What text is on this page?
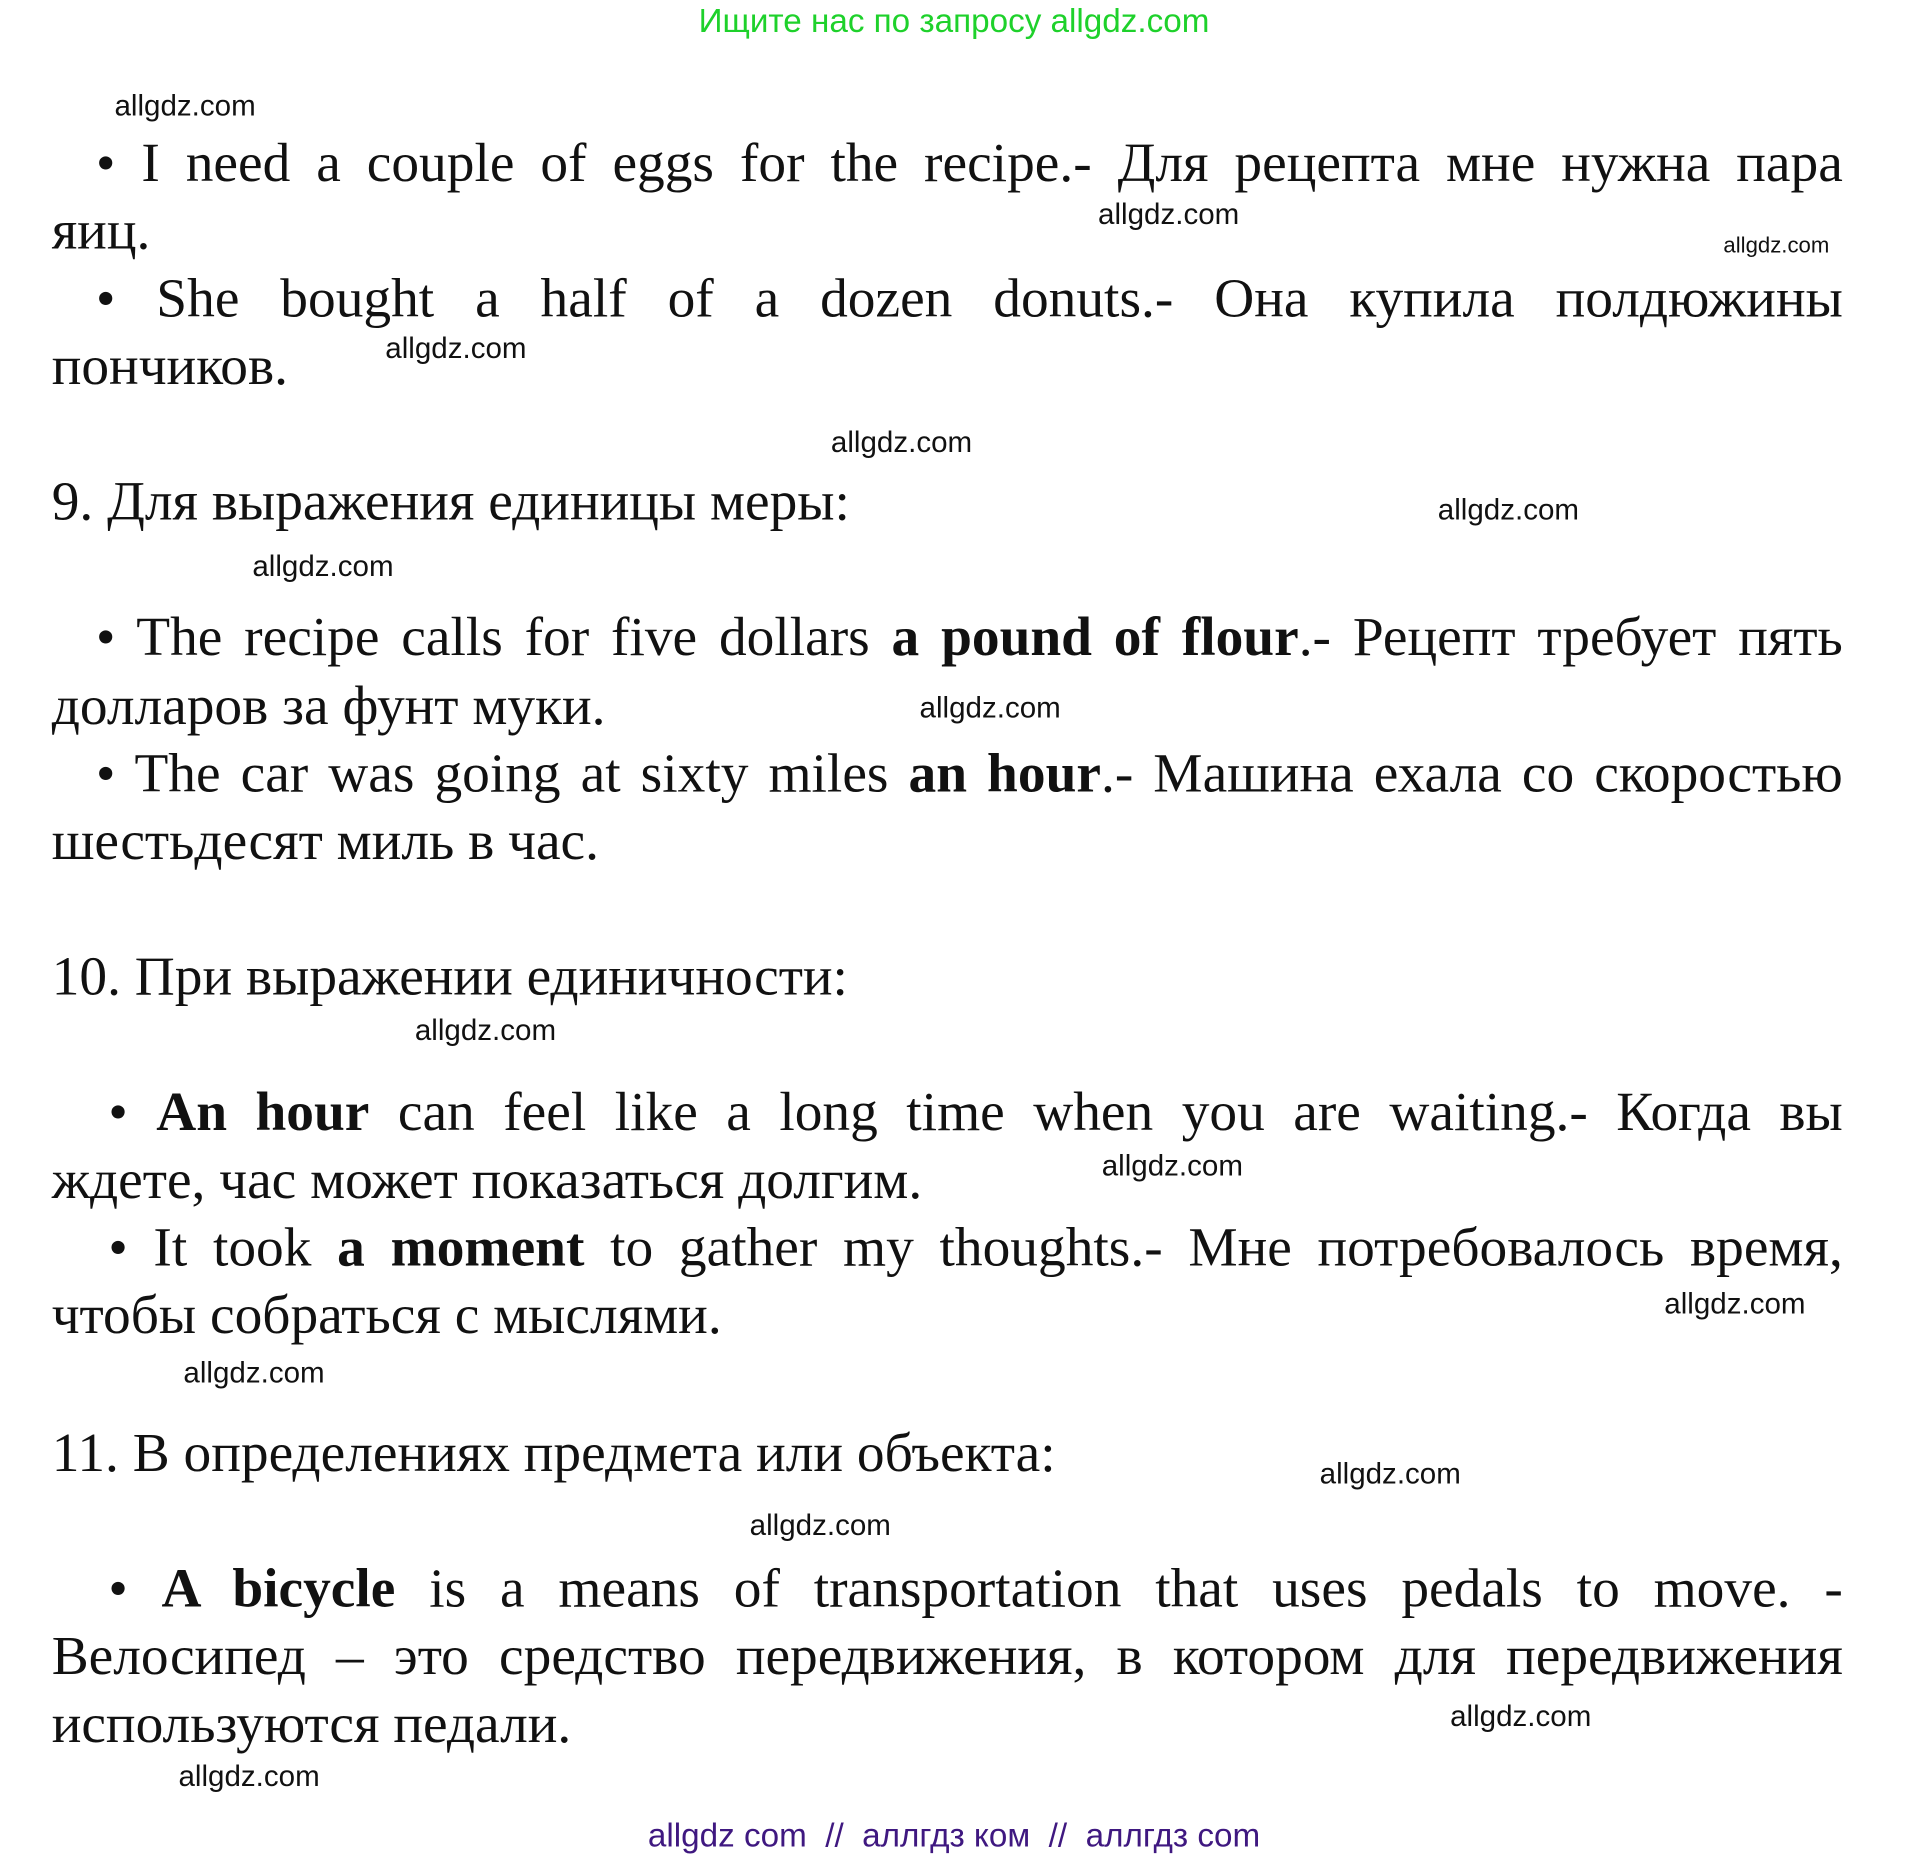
Ищите нас по запросу allgdz.com
• I need a couple of eggs for the recipe.- Для рецепта мне нужна пара
яиц.
• She bought a half of a dozen donuts.- Она купила полдюжины
пончиков.
9. Для выражения единицы меры:
• The recipe calls for five dollars a pound of flour.- Рецепт требует пять
долларов за фунт муки.
• The car was going at sixty miles an hour.- Машина ехала со скоростью
шестьдесят миль в час.
10. При выражении единичности:
• An hour can feel like a long time when you are waiting.- Когда вы
ждете, час может показаться долгим.
• It took a moment to gather my thoughts.- Мне потребовалось время,
чтобы собраться с мыслями.
11. В определениях предмета или объекта:
• A bicycle is a means of transportation that uses pedals to move. -
Велосипед – это средство передвижения, в котором для передвижения
используются педали.
allgdz.com
allgdz.com
allgdz.com
allgdz.com
allgdz.com
allgdz.com
allgdz.com
allgdz.com
allgdz.com
allgdz.com
allgdz.com
allgdz.com
allgdz.com
allgdz.com
allgdz.com
allgdz.com
allgdz com  //  аллгдз ком  //  аллгдз com
